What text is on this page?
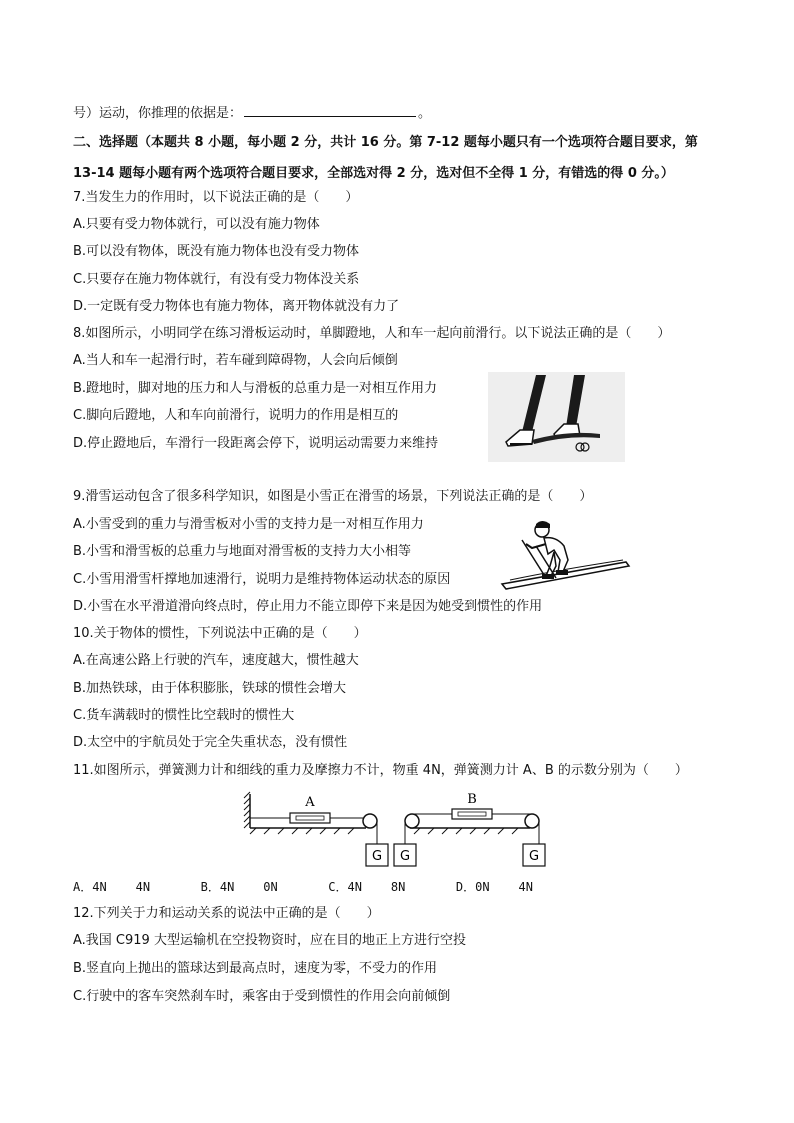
号）运动，你推理的依据是：	。
二、选择题（本题共 8 小题，每小题 2 分，共计 16 分。第 7-12 题每小题只有一个选项符合题目要求，第
13-14 题每小题有两个选项符合题目要求，全部选对得 2 分，选对但不全得 1 分，有错选的得 0 分。）
7.当发生力的作用时，以下说法正确的是（　　）
A.只要有受力物体就行，可以没有施力物体
B.可以没有物体，既没有施力物体也没有受力物体
C.只要存在施力物体就行，有没有受力物体没关系
D.一定既有受力物体也有施力物体，离开物体就没有力了
8.如图所示，小明同学在练习滑板运动时，单脚蹬地，人和车一起向前滑行。以下说法正确的是（　　）
A.当人和车一起滑行时，若车碰到障碍物，人会向后倾倒
B.蹬地时，脚对地的压力和人与滑板的总重力是一对相互作用力
C.脚向后蹬地，人和车向前滑行，说明力的作用是相互的
D.停止蹬地后，车滑行一段距离会停下，说明运动需要力来维持
9.滑雪运动包含了很多科学知识，如图是小雪正在滑雪的场景，下列说法正确的是（　　）
A.小雪受到的重力与滑雪板对小雪的支持力是一对相互作用力
B.小雪和滑雪板的总重力与地面对滑雪板的支持力大小相等
C.小雪用滑雪杆撑地加速滑行，说明力是维持物体运动状态的原因
D.小雪在水平滑道滑向终点时，停止用力不能立即停下来是因为她受到惯性的作用
10.关于物体的惯性，下列说法中正确的是（　　）
A.在高速公路上行驶的汽车，速度越大，惯性越大
B.加热铁球，由于体积膨胀，铁球的惯性会增大
C.货车满载时的惯性比空载时的惯性大
D.太空中的宇航员处于完全失重状态，没有惯性
11.如图所示，弹簧测力计和细线的重力及摩擦力不计，物重 4N，弹簧测力计 A、B 的示数分别为（　　）
A
G G
B
G
A．4N 4N	B．4N 0N	C．4N 8N	D．0N 4N
12.下列关于力和运动关系的说法中正确的是（　　）
A.我国 C919 大型运输机在空投物资时，应在目的地正上方进行空投
B.竖直向上抛出的篮球达到最高点时，速度为零，不受力的作用
C.行驶中的客车突然刹车时，乘客由于受到惯性的作用会向前倾倒
